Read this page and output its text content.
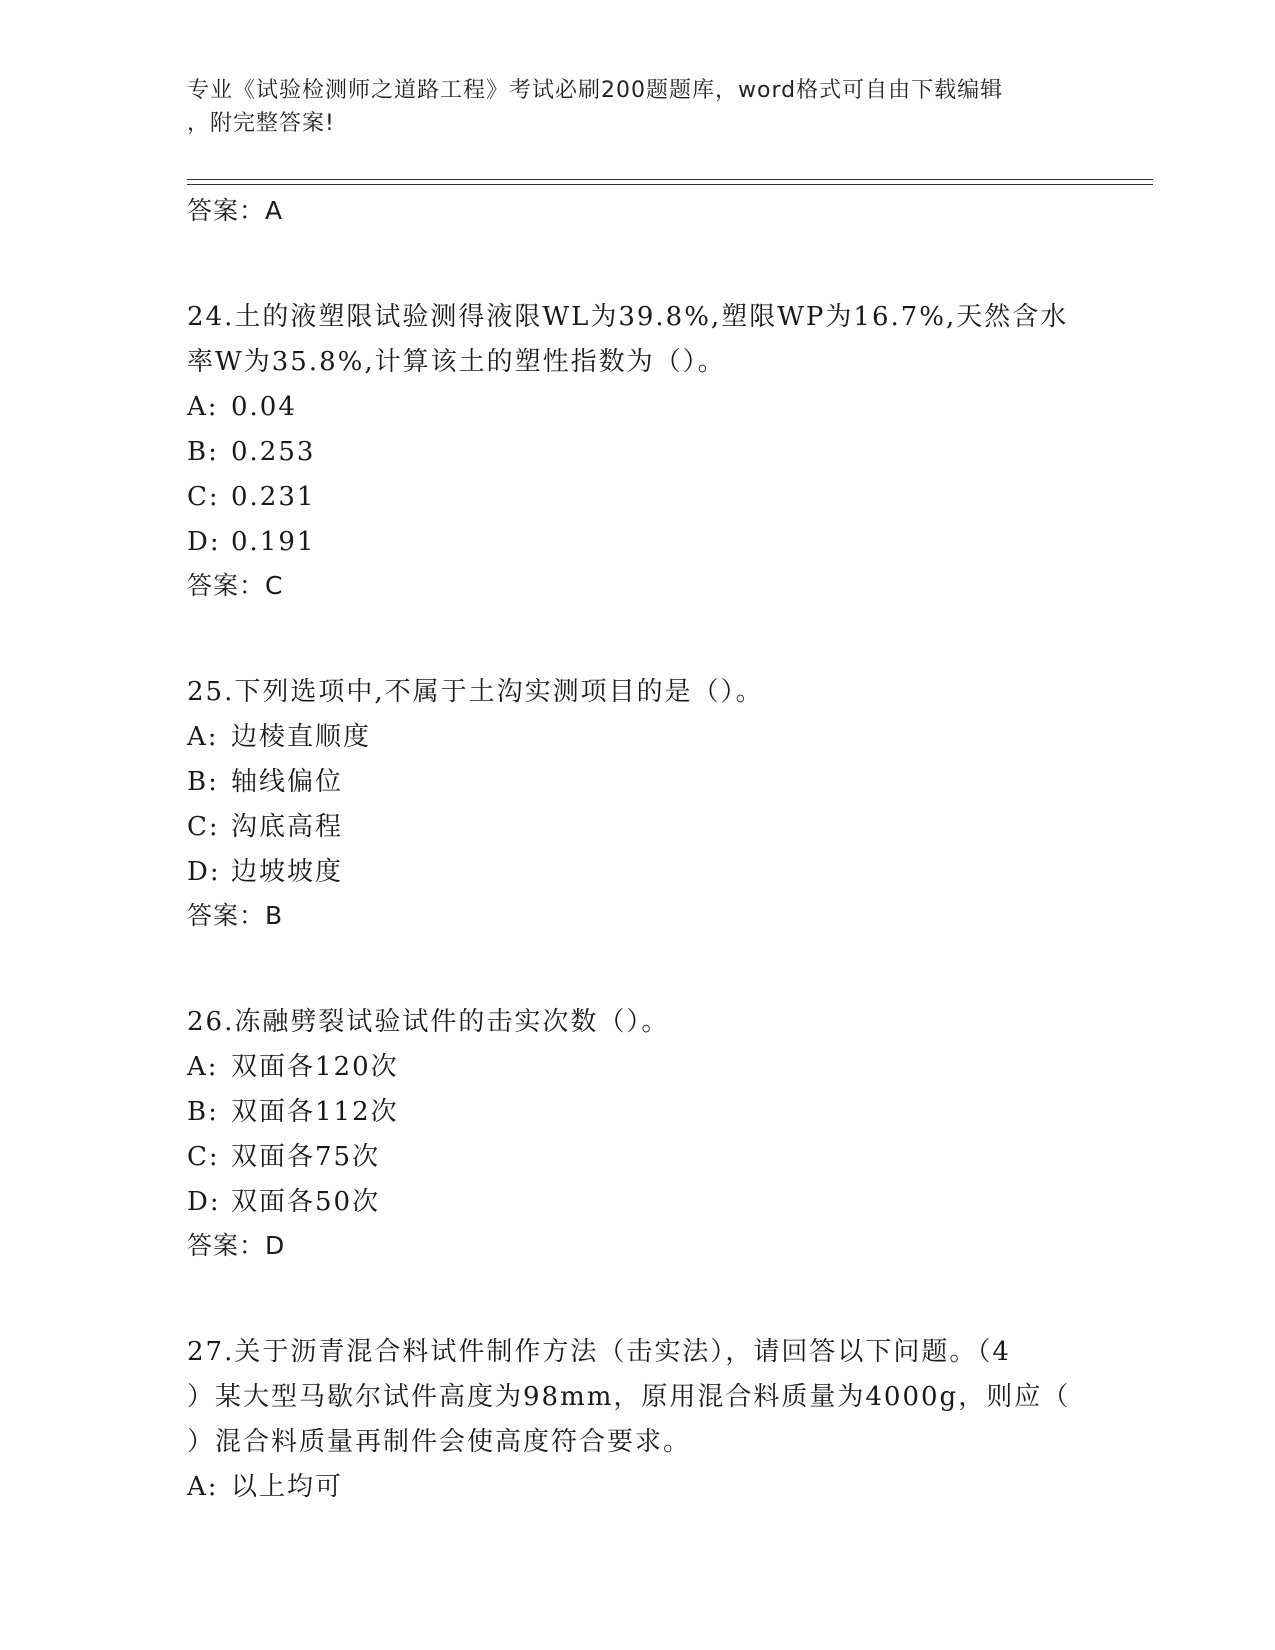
专业《试验检测师之道路工程》考试必刷200题题库，word格式可自由下载编辑
，附完整答案!
答案：A
24.土的液塑限试验测得液限WL为39.8%,塑限WP为16.7%,天然含水
率W为35.8%,计算该土的塑性指数为（）。
A: 0.04
B: 0.253
C: 0.231
D: 0.191
答案：C
25.下列选项中,不属于土沟实测项目的是（）。
A: 边棱直顺度
B: 轴线偏位
C: 沟底高程
D: 边坡坡度
答案：B
26.冻融劈裂试验试件的击实次数（）。
A: 双面各120次
B: 双面各112次
C: 双面各75次
D: 双面各50次
答案：D
27.关于沥青混合料试件制作方法（击实法），请回答以下问题。（4
）某大型马歇尔试件高度为98mm，原用混合料质量为4000g，则应（
）混合料质量再制件会使高度符合要求。
A: 以上均可
